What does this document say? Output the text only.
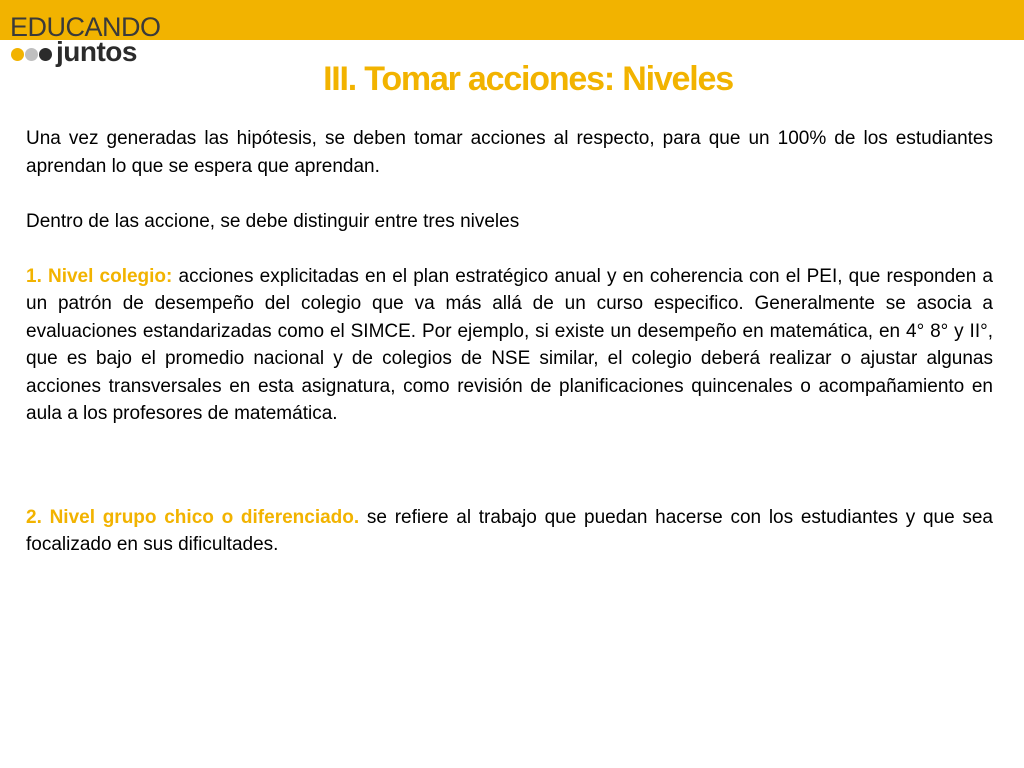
EDUCANDO
juntos
III. Tomar acciones: Niveles

Una vez generadas las hipótesis, se deben tomar acciones al respecto, para que un 100% de los estudiantes aprendan lo que se espera que aprendan.

Dentro de las accione, se debe distinguir entre tres niveles

1. Nivel colegio: acciones explicitadas en el plan estratégico anual y en coherencia con el PEI, que responden a un patrón de desempeño del colegio que va más allá de un curso especifico. Generalmente se asocia a evaluaciones estandarizadas como el SIMCE. Por ejemplo, si existe un desempeño en matemática, en 4° 8° y II°, que es bajo el promedio nacional y de colegios de NSE similar, el colegio deberá realizar o ajustar algunas acciones transversales en esta asignatura, como revisión de planificaciones quincenales o acompañamiento en aula a los profesores de matemática.

2. Nivel grupo chico o diferenciado. se refiere al trabajo que puedan hacerse con los estudiantes y que sea focalizado en sus dificultades.
